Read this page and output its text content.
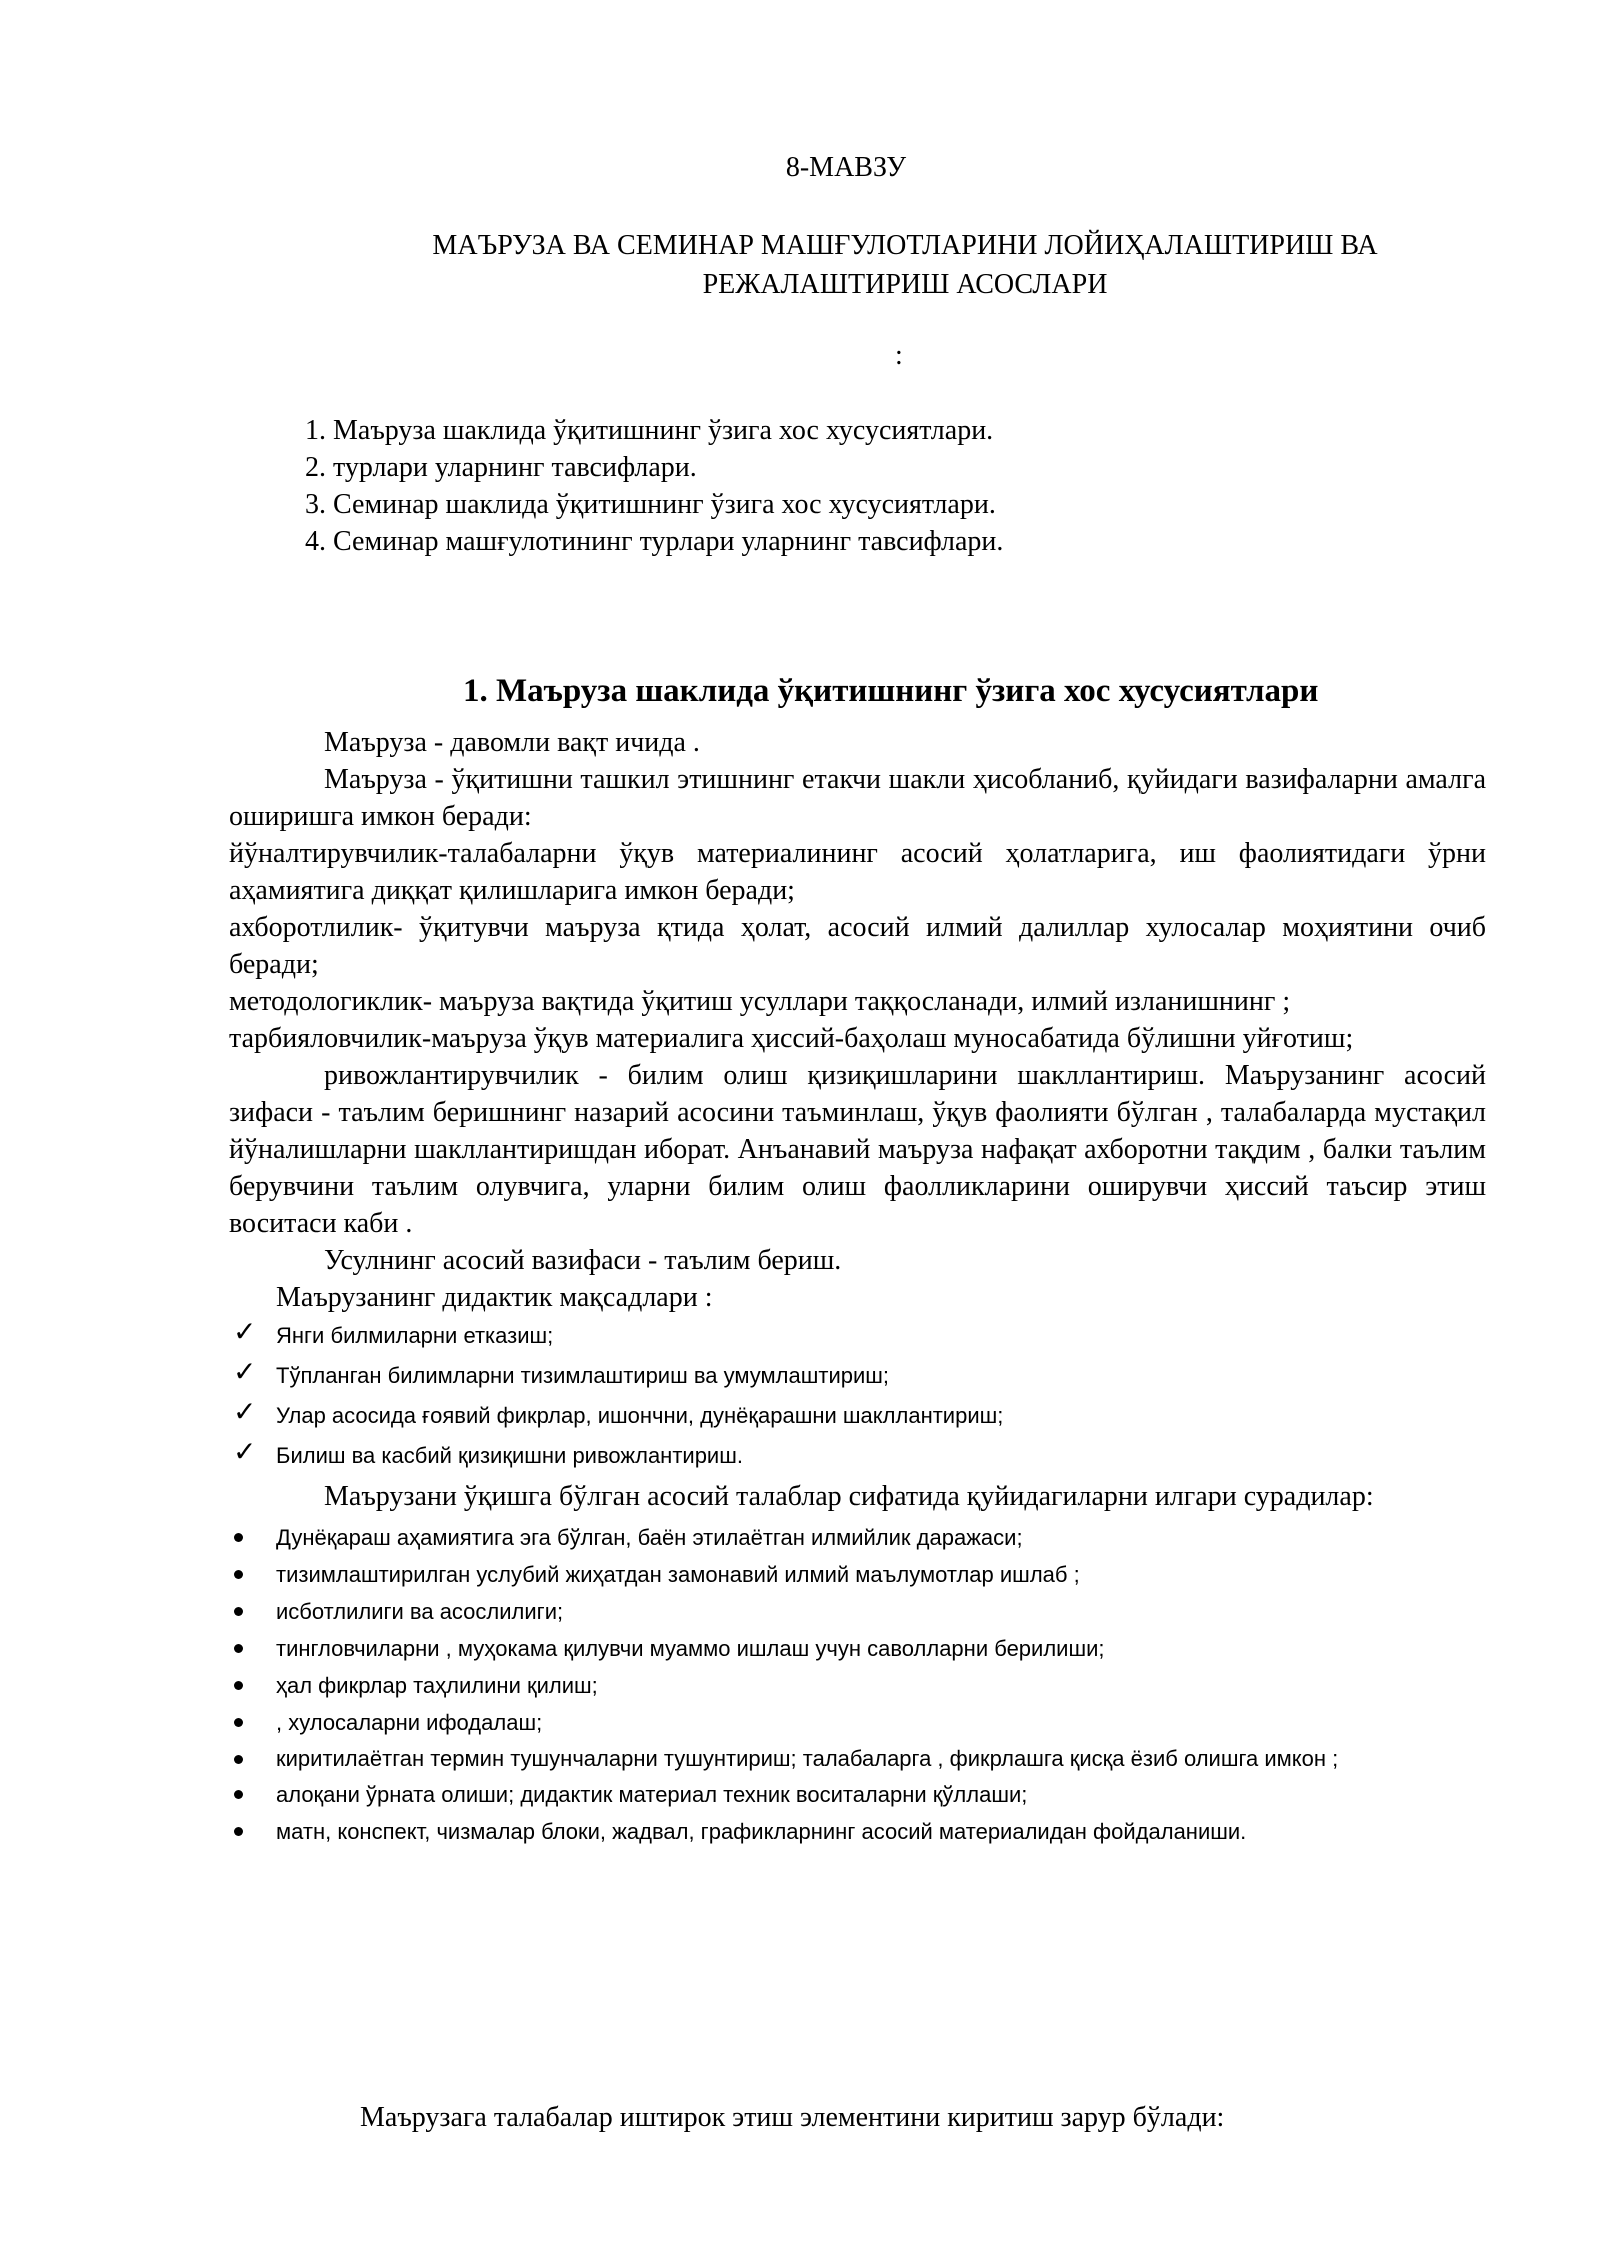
8-МАВЗУ
МАЪРУЗА ВА СЕМИНАР МАШҒУЛОТЛАРИНИ ЛОЙИҲАЛАШТИРИШ ВА
РЕЖАЛАШТИРИШ АСОСЛАРИ
:
1. Маъруза шаклида ўқитишнинг ўзига хос хусусиятлари.
2. турлари уларнинг тавсифлари.
3. Семинар шаклида ўқитишнинг ўзига хос хусусиятлари.
4. Семинар машғулотининг турлари уларнинг тавсифлари.
1. Маъруза шаклида ўқитишнинг ўзига хос хусусиятлари

Маъруза - давомли вақт ичида .

Маъруза - ўқитишни ташкил этишнинг етакчи шакли ҳисобланиб, қуйидаги вазифаларни амалга оширишга имкон беради:

йўналтирувчилик-талабаларни ўқув материалининг асосий ҳолатларига, иш фаолиятидаги ўрни аҳамиятига диққат қилишларига имкон беради;

ахборотлилик- ўқитувчи маъруза қтида ҳолат, асосий илмий далиллар хулосалар моҳиятини очиб беради;

методологиклик- маъруза вақтида ўқитиш усуллари таққосланади, илмий изланишнинг ;

тарбияловчилик-маъруза ўқув материалига ҳиссий-баҳолаш муносабатида бўлишни уйғотиш;

ривожлантирувчилик - билим олиш қизиқишларини шакллантириш. Маърузанинг асосий зифаси - таълим беришнинг назарий асосини таъминлаш, ўқув фаолияти бўлган , талабаларда мустақил йўналишларни шакллантиришдан иборат. Анъанавий маъруза нафақат ахборотни тақдим , балки таълим берувчини таълим олувчига, уларни билим олиш фаолликларини оширувчи ҳиссий таъсир этиш воситаси каби .

Усулнинг асосий вазифаси - таълим бериш.

Маърузанинг дидактик мақсадлари :

✓ Янги билмиларни етказиш;
✓ Тўпланган билимларни тизимлаштириш ва умумлаштириш;
✓ Улар асосида ғоявий фикрлар, ишончни, дунёқарашни шакллантириш;
✓ Билиш ва касбий қизиқишни ривожлантириш.

Маърузани ўқишга бўлган асосий талаблар сифатида қуйидагиларни илгари сурадилар:

Дунёқараш аҳамиятига эга бўлган, баён этилаётган илмийлик даражаси;
тизимлаштирилган услубий жиҳатдан замонавий илмий маълумотлар ишлаб ;
исботлилиги ва асослилиги;
тингловчиларни , муҳокама қилувчи муаммо ишлаш учун саволларни берилиши;
ҳал фикрлар таҳлилини қилиш;
, хулосаларни ифодалаш;
киритилаётган термин тушунчаларни тушунтириш; талабаларга , фикрлашга қисқа ёзиб олишга имкон ;
алоқани ўрната олиши; дидактик материал техник воситаларни қўллаши;
матн, конспект, чизмалар блоки, жадвал, графикларнинг асосий материалидан фойдаланиши.
Маърузага талабалар иштирок этиш элементини киритиш зарур бўлади:
